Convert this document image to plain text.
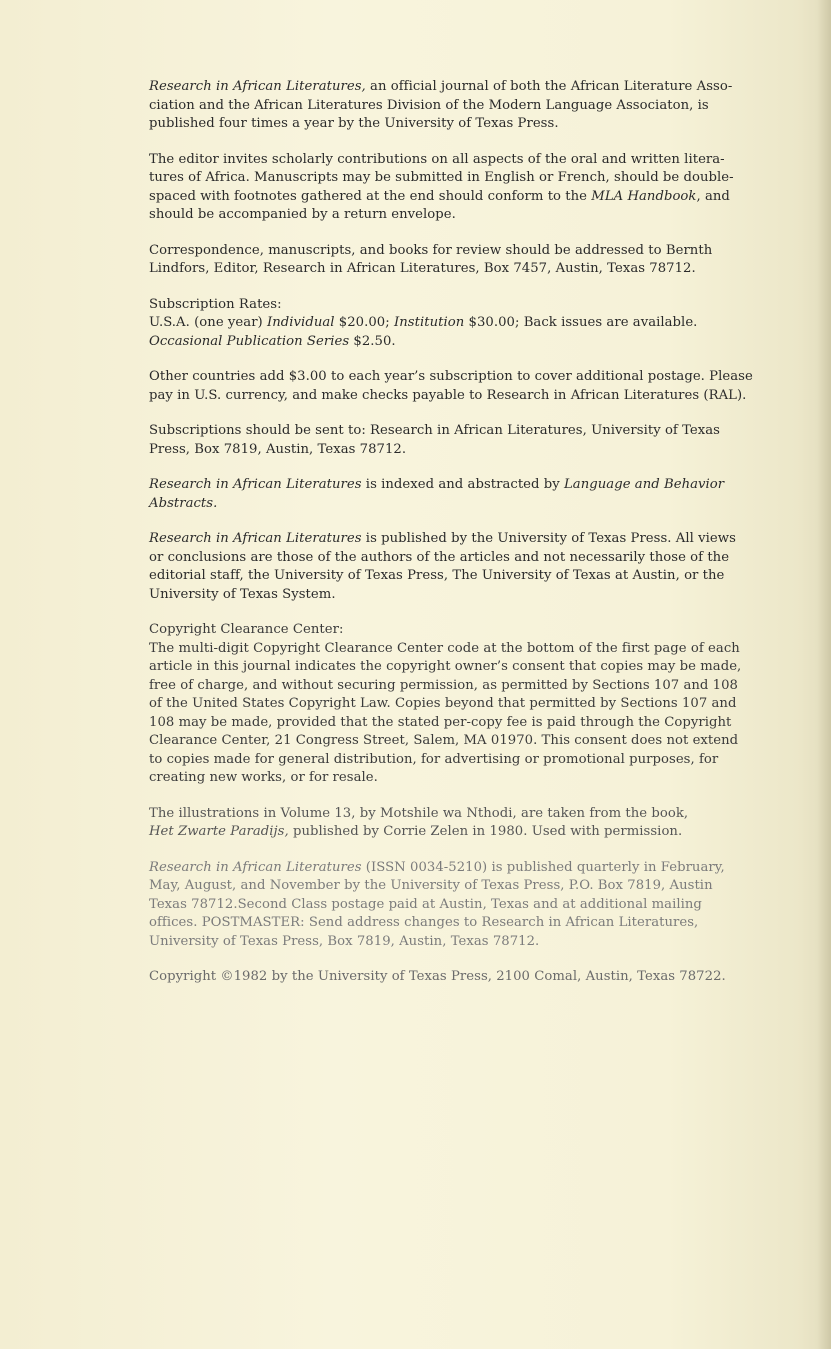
Research in African Literatures, an official journal of both the African Literature Asso-
ciation and the African Literatures Division of the Modern Language Associaton, is
published four times a year by the University of Texas Press.

The editor invites scholarly contributions on all aspects of the oral and written litera-
tures of Africa. Manuscripts may be submitted in English or French, should be double-
spaced with footnotes gathered at the end should conform to the MLA Handbook, and
should be accompanied by a return envelope.

Correspondence, manuscripts, and books for review should be addressed to Bernth
Lindfors, Editor, Research in African Literatures, Box 7457, Austin, Texas 78712.

Subscription Rates:
U.S.A. (one year) Individual $20.00; Institution $30.00; Back issues are available.
Occasional Publication Series $2.50.

Other countries add $3.00 to each year’s subscription to cover additional postage. Please
pay in U.S. currency, and make checks payable to Research in African Literatures (RAL).

Subscriptions should be sent to: Research in African Literatures, University of Texas
Press, Box 7819, Austin, Texas 78712.

Research in African Literatures is indexed and abstracted by Language and Behavior
Abstracts.

Research in African Literatures is published by the University of Texas Press. All views
or conclusions are those of the authors of the articles and not necessarily those of the
editorial staff, the University of Texas Press, The University of Texas at Austin, or the
University of Texas System.

Copyright Clearance Center:
The multi-digit Copyright Clearance Center code at the bottom of the first page of each
article in this journal indicates the copyright owner’s consent that copies may be made,
free of charge, and without securing permission, as permitted by Sections 107 and 108
of the United States Copyright Law. Copies beyond that permitted by Sections 107 and
108 may be made, provided that the stated per-copy fee is paid through the Copyright
Clearance Center, 21 Congress Street, Salem, MA 01970. This consent does not extend
to copies made for general distribution, for advertising or promotional purposes, for
creating new works, or for resale.

The illustrations in Volume 13, by Motshile wa Nthodi, are taken from the book,
Het Zwarte Paradijs, published by Corrie Zelen in 1980. Used with permission.

Research in African Literatures (ISSN 0034-5210) is published quarterly in February,
May, August, and November by the University of Texas Press, P.O. Box 7819, Austin
Texas 78712.Second Class postage paid at Austin, Texas and at additional mailing
offices. POSTMASTER: Send address changes to Research in African Literatures,
University of Texas Press, Box 7819, Austin, Texas 78712.

Copyright ©1982 by the University of Texas Press, 2100 Comal, Austin, Texas 78722.
